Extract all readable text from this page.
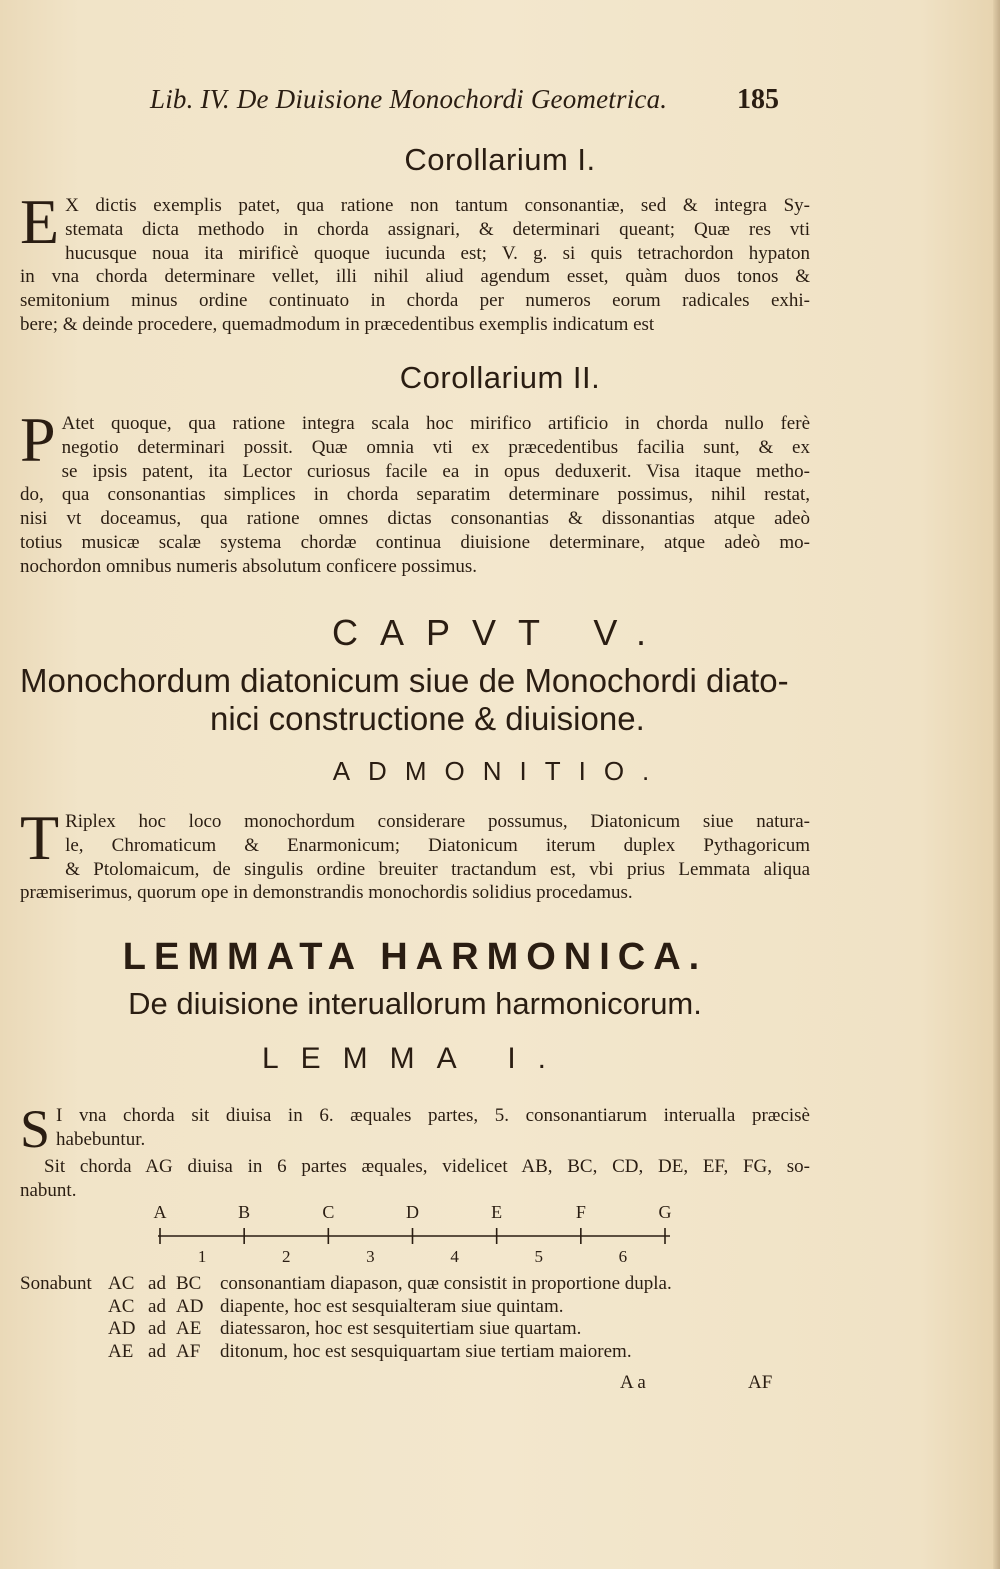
Lib. IV. De Diuisione Monochordi Geometrica.	185
Corollarium I.
E X dictis exemplis patet, qua ratione non tantum consonantiæ, sed & integra Sy-
stemata dicta methodo in chorda assignari, & determinari queant; Quæ res vti
hucusque noua ita mirificè quoque iucunda est; V. g. si quis tetrachordon hypaton
in vna chorda determinare vellet, illi nihil aliud agendum esset, quàm duos tonos &
semitonium minus ordine continuato in chorda per numeros eorum radicales exhi-
bere; & deinde procedere, quemadmodum in præcedentibus exemplis indicatum est
Corollarium II.
P Atet quoque, qua ratione integra scala hoc mirifico artificio in chorda nullo ferè
negotio determinari possit. Quæ omnia vti ex præcedentibus facilia sunt, & ex
se ipsis patent, ita Lector curiosus facile ea in opus deduxerit. Visa itaque metho-
do, qua consonantias simplices in chorda separatim determinare possimus, nihil restat,
nisi vt doceamus, qua ratione omnes dictas consonantias & dissonantias atque adeò
totius musicæ scalæ systema chordæ continua diuisione determinare, atque adeò mo-
nochordon omnibus numeris absolutum conficere possimus.
CAPVT V.
Monochordum diatonicum siue de Monochordi diato-
nici constructione & diuisione.
ADMONITIO.
T Riplex hoc loco monochordum considerare possumus, Diatonicum siue natura-
le, Chromaticum & Enarmonicum; Diatonicum iterum duplex Pythagoricum
& Ptolomaicum, de singulis ordine breuiter tractandum est, vbi prius Lemmata aliqua
præmiserimus, quorum ope in demonstrandis monochordis solidius procedamus.
LEMMATA HARMONICA.
De diuisione interuallorum harmonicorum.
LEMMA I.
S I vna chorda sit diuisa in 6. æquales partes, 5. consonantiarum interualla præcisè
habebuntur.
Sit chorda AG diuisa in 6 partes æquales, videlicet AB, BC, CD, DE, EF, FG, so-
nabunt.
A	B	C	D	E	F	G
1	2	3	4	5	6
Sonabunt AC ad BC consonantiam diapason, quæ consistit in proportione dupla.
AC ad AD diapente, hoc est sesquialteram siue quintam.
AD ad AE diatessaron, hoc est sesquitertiam siue quartam.
AE ad AF	ditonum, hoc est sesquiquartam siue tertiam maiorem.
A a	AF
